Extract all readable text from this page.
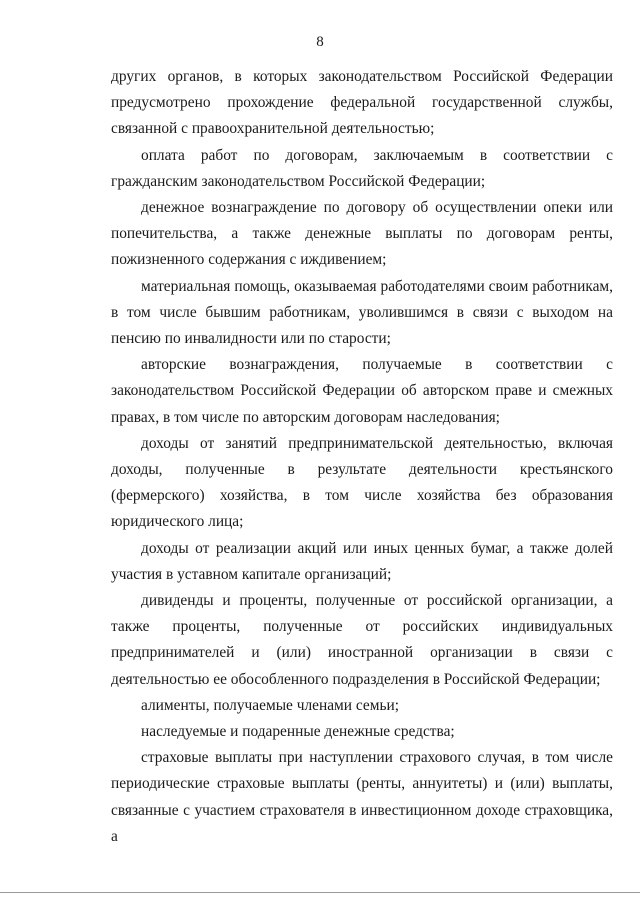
8

других органов, в которых законодательством Российской Федерации предусмотрено прохождение федеральной государственной службы, связанной с правоохранительной деятельностью;

оплата работ по договорам, заключаемым в соответствии с гражданским законодательством Российской Федерации;

денежное вознаграждение по договору об осуществлении опеки или попечительства, а также денежные выплаты по договорам ренты, пожизненного содержания с иждивением;

материальная помощь, оказываемая работодателями своим работникам, в том числе бывшим работникам, уволившимся в связи с выходом на пенсию по инвалидности или по старости;

авторские вознаграждения, получаемые в соответствии с законодательством Российской Федерации об авторском праве и смежных правах, в том числе по авторским договорам наследования;

доходы от занятий предпринимательской деятельностью, включая доходы, полученные в результате деятельности крестьянского (фермерского) хозяйства, в том числе хозяйства без образования юридического лица;

доходы от реализации акций или иных ценных бумаг, а также долей участия в уставном капитале организаций;

дивиденды и проценты, полученные от российской организации, а также проценты, полученные от российских индивидуальных предпринимателей и (или) иностранной организации в связи с деятельностью ее обособленного подразделения в Российской Федерации;

алименты, получаемые членами семьи;

наследуемые и подаренные денежные средства;

страховые выплаты при наступлении страхового случая, в том числе периодические страховые выплаты (ренты, аннуитеты) и (или) выплаты, связанные с участием страхователя в инвестиционном доходе страховщика, а
